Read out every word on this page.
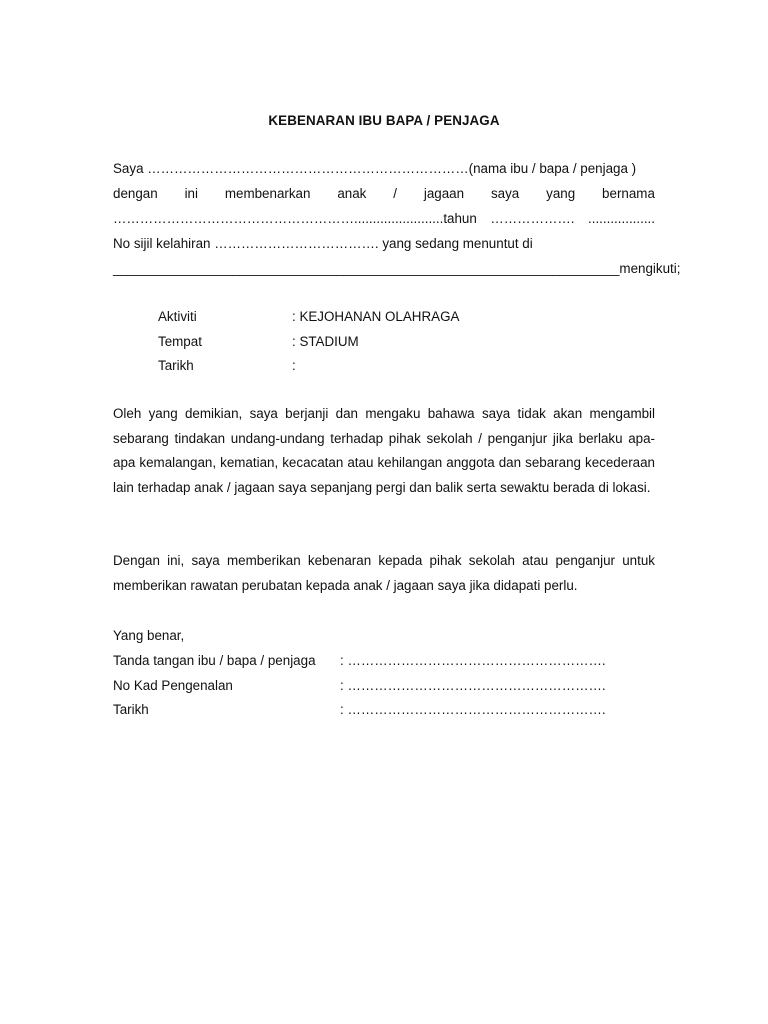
KEBENARAN IBU BAPA / PENJAGA
Saya ………………………………………………………………(nama ibu / bapa / penjaga )
dengan ini membenarkan anak / jagaan saya yang bernama
………………………………………………........................tahun ………………. ..................
No sijil kelahiran ………………………………. yang sedang menuntut di
____________________________________________________________________mengikuti;
Aktiviti	: KEJOHANAN OLAHRAGA
Tempat	: STADIUM
Tarikh	:
Oleh yang demikian, saya berjanji dan mengaku bahawa saya tidak akan mengambil sebarang tindakan undang-undang terhadap pihak sekolah / penganjur jika berlaku apa-apa kemalangan, kematian, kecacatan atau kehilangan anggota dan sebarang kecederaan lain terhadap anak / jagaan saya sepanjang pergi dan balik serta sewaktu berada di lokasi.
Dengan ini, saya memberikan kebenaran kepada pihak sekolah atau penganjur untuk memberikan rawatan perubatan kepada anak / jagaan saya jika didapati perlu.
Yang benar,
Tanda tangan ibu / bapa / penjaga : ………………………………………………….
No Kad Pengenalan	: ………………………………………………….
Tarikh	: ………………………………………………….
